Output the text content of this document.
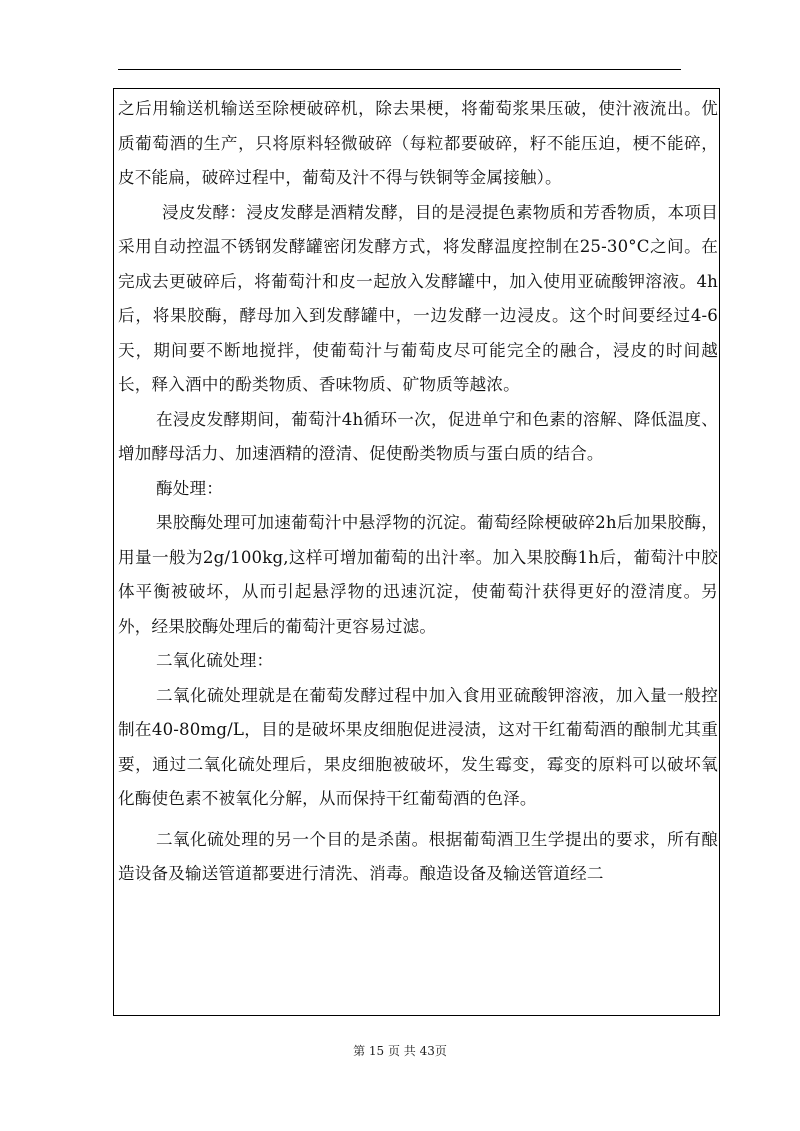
之后用输送机输送至除梗破碎机，除去果梗，将葡萄浆果压破，使汁液流出。优质葡萄酒的生产，只将原料轻微破碎（每粒都要破碎，籽不能压迫，梗不能碎，皮不能扁，破碎过程中，葡萄及汁不得与铁铜等金属接触）。

浸皮发酵：浸皮发酵是酒精发酵，目的是浸提色素物质和芳香物质，本项目采用自动控温不锈钢发酵罐密闭发酵方式，将发酵温度控制在25-30°C之间。在完成去更破碎后，将葡萄汁和皮一起放入发酵罐中，加入使用亚硫酸钾溶液。4h后，将果胶酶，酵母加入到发酵罐中，一边发酵一边浸皮。这个时间要经过4-6天，期间要不断地搅拌，使葡萄汁与葡萄皮尽可能完全的融合，浸皮的时间越长，释入酒中的酚类物质、香味物质、矿物质等越浓。

在浸皮发酵期间，葡萄汁4h循环一次，促进单宁和色素的溶解、降低温度、增加酵母活力、加速酒精的澄清、促使酚类物质与蛋白质的结合。

酶处理：

果胶酶处理可加速葡萄汁中悬浮物的沉淀。葡萄经除梗破碎2h后加果胶酶，用量一般为2g/100kg,这样可增加葡萄的出汁率。加入果胶酶1h后，葡萄汁中胶体平衡被破坏，从而引起悬浮物的迅速沉淀，使葡萄汁获得更好的澄清度。另外，经果胶酶处理后的葡萄汁更容易过滤。

二氧化硫处理：

二氧化硫处理就是在葡萄发酵过程中加入食用亚硫酸钾溶液，加入量一般控制在40-80mg/L，目的是破坏果皮细胞促进浸渍，这对干红葡萄酒的酿制尤其重要，通过二氧化硫处理后，果皮细胞被破坏，发生霉变，霉变的原料可以破坏氧化酶使色素不被氧化分解，从而保持干红葡萄酒的色泽。

二氧化硫处理的另一个目的是杀菌。根据葡萄酒卫生学提出的要求，所有酿造设备及输送管道都要进行清洗、消毒。酿造设备及输送管道经二

第 15 页 共 43页
